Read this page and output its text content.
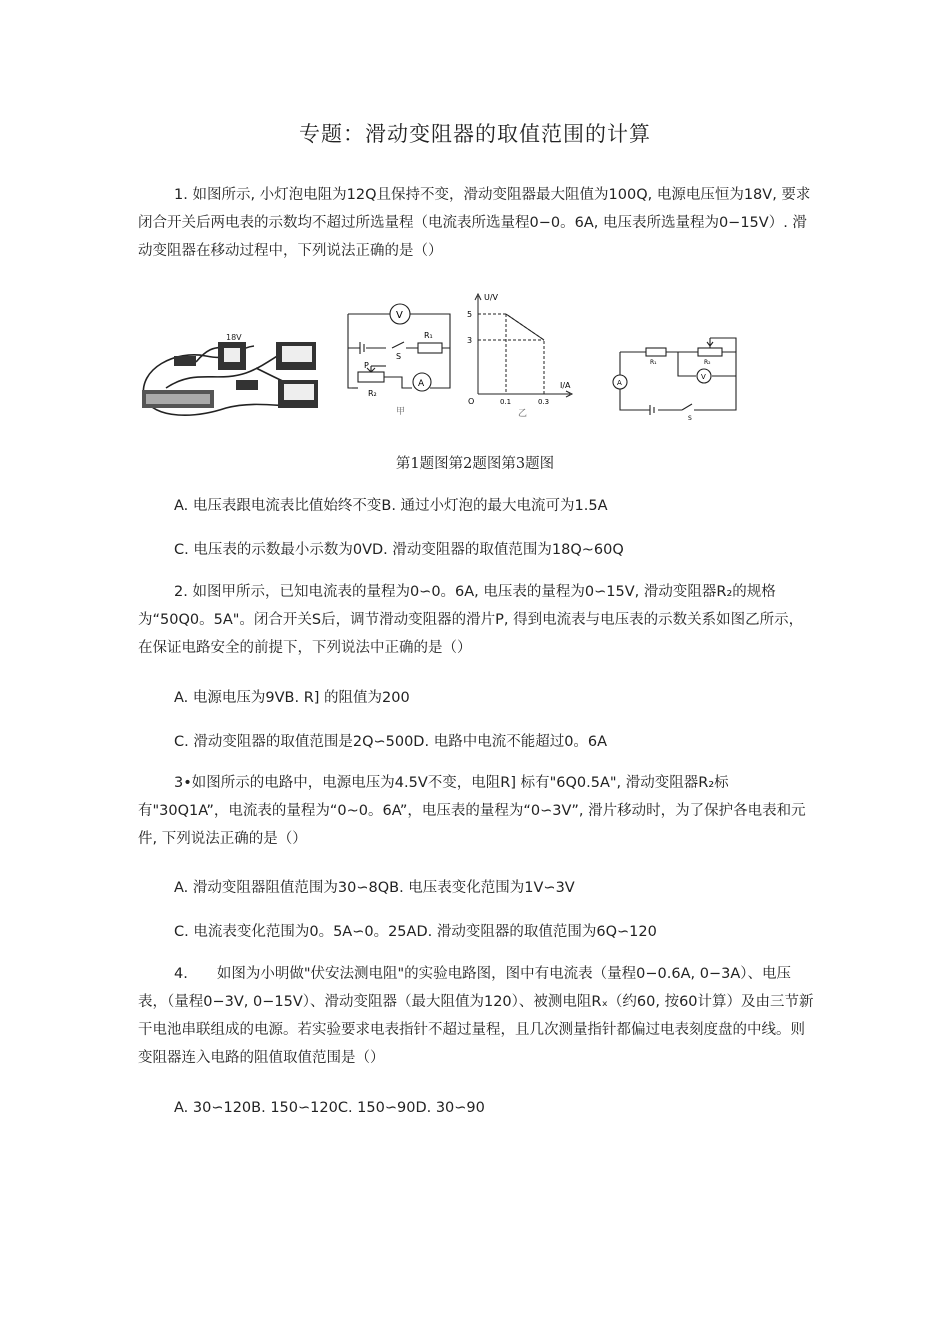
专题：滑动变阻器的取值范围的计算
1. 如图所示, 小灯泡电阻为12Q且保持不变，滑动变阻器最大阻值为100Q, 电源电压恒为18V, 要求闭合开关后两电表的示数均不超过所选量程（电流表所选量程0−0。6A, 电压表所选量程为0−15V）. 滑动变阻器在移动过程中，下列说法正确的是（）
18V
V
R₁
S
P
A
R₂
甲
U/V
I/A
5
3
0.1	0.3
O
乙
R₁	R₂
A
V
S
第1题图第2题图第3题图
A. 电压表跟电流表比值始终不变B. 通过小灯泡的最大电流可为1.5A
C. 电压表的示数最小示数为0VD. 滑动变阻器的取值范围为18Q~60Q
2. 如图甲所示，已知电流表的量程为0∽0。6A, 电压表的量程为0∽15V, 滑动变阻器R₂的规格为“50Q0。5A"。闭合开关S后，调节滑动变阻器的滑片P, 得到电流表与电压表的示数关系如图乙所示，在保证电路安全的前提下，下列说法中正确的是（）
A. 电源电压为9VB. R] 的阻值为200
C. 滑动变阻器的取值范围是2Q∽500D. 电路中电流不能超过0。6A
3•如图所示的电路中，电源电压为4.5V不变，电阻R] 标有"6Q0.5A", 滑动变阻器R₂标有"30Q1A”，电流表的量程为“0~0。6A”，电压表的量程为“0∽3V”, 滑片移动时，为了保护各电表和元件, 下列说法正确的是（）
A. 滑动变阻器阻值范围为30∽8QB. 电压表变化范围为1V∽3V
C. 电流表变化范围为0。5A∽0。25AD. 滑动变阻器的取值范围为6Q∽120
4.　　如图为小明做"伏安法测电阻"的实验电路图，图中有电流表（量程0−0.6A, 0−3A）、电压表，（量程0−3V, 0−15V）、滑动变阻器（最大阻值为120）、被测电阻Rₓ（约60, 按60计算）及由三节新干电池串联组成的电源。若实验要求电表指针不超过量程，且几次测量指针都偏过电表刻度盘的中线。则变阻器连入电路的阻值取值范围是（）
A. 30∽120B. 150∽120C. 150∽90D. 30∽90
